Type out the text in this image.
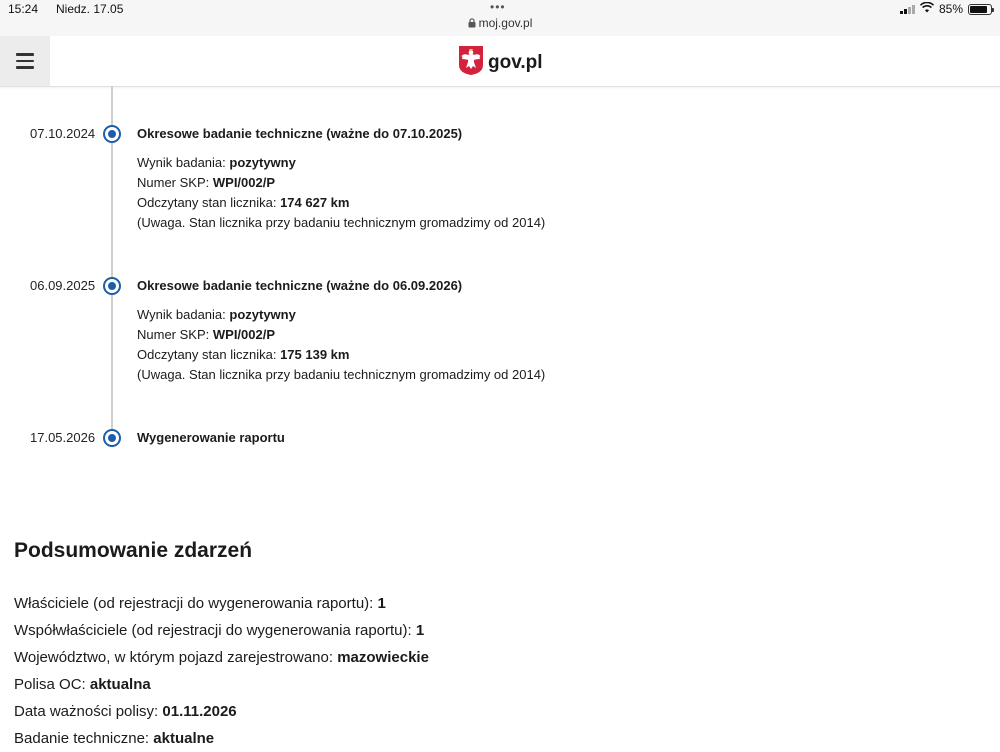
15:24 Niedz. 17.05	•••
moj.gov.pl
85%
gov.pl
07.10.2024	Okresowe badanie techniczne (ważne do 07.10.2025)
Wynik badania: pozytywny
Numer SKP: WPI/002/P
Odczytany stan licznika: 174 627 km
(Uwaga. Stan licznika przy badaniu technicznym gromadzimy od 2014)
06.09.2025	Okresowe badanie techniczne (ważne do 06.09.2026)
Wynik badania: pozytywny
Numer SKP: WPI/002/P
Odczytany stan licznika: 175 139 km
(Uwaga. Stan licznika przy badaniu technicznym gromadzimy od 2014)
17.05.2026	Wygenerowanie raportu
Podsumowanie zdarzeń
Właściciele (od rejestracji do wygenerowania raportu): 1
Współwłaściciele (od rejestracji do wygenerowania raportu): 1
Województwo, w którym pojazd zarejestrowano: mazowieckie
Polisa OC: aktualna
Data ważności polisy: 01.11.2026
Badanie techniczne: aktualne
